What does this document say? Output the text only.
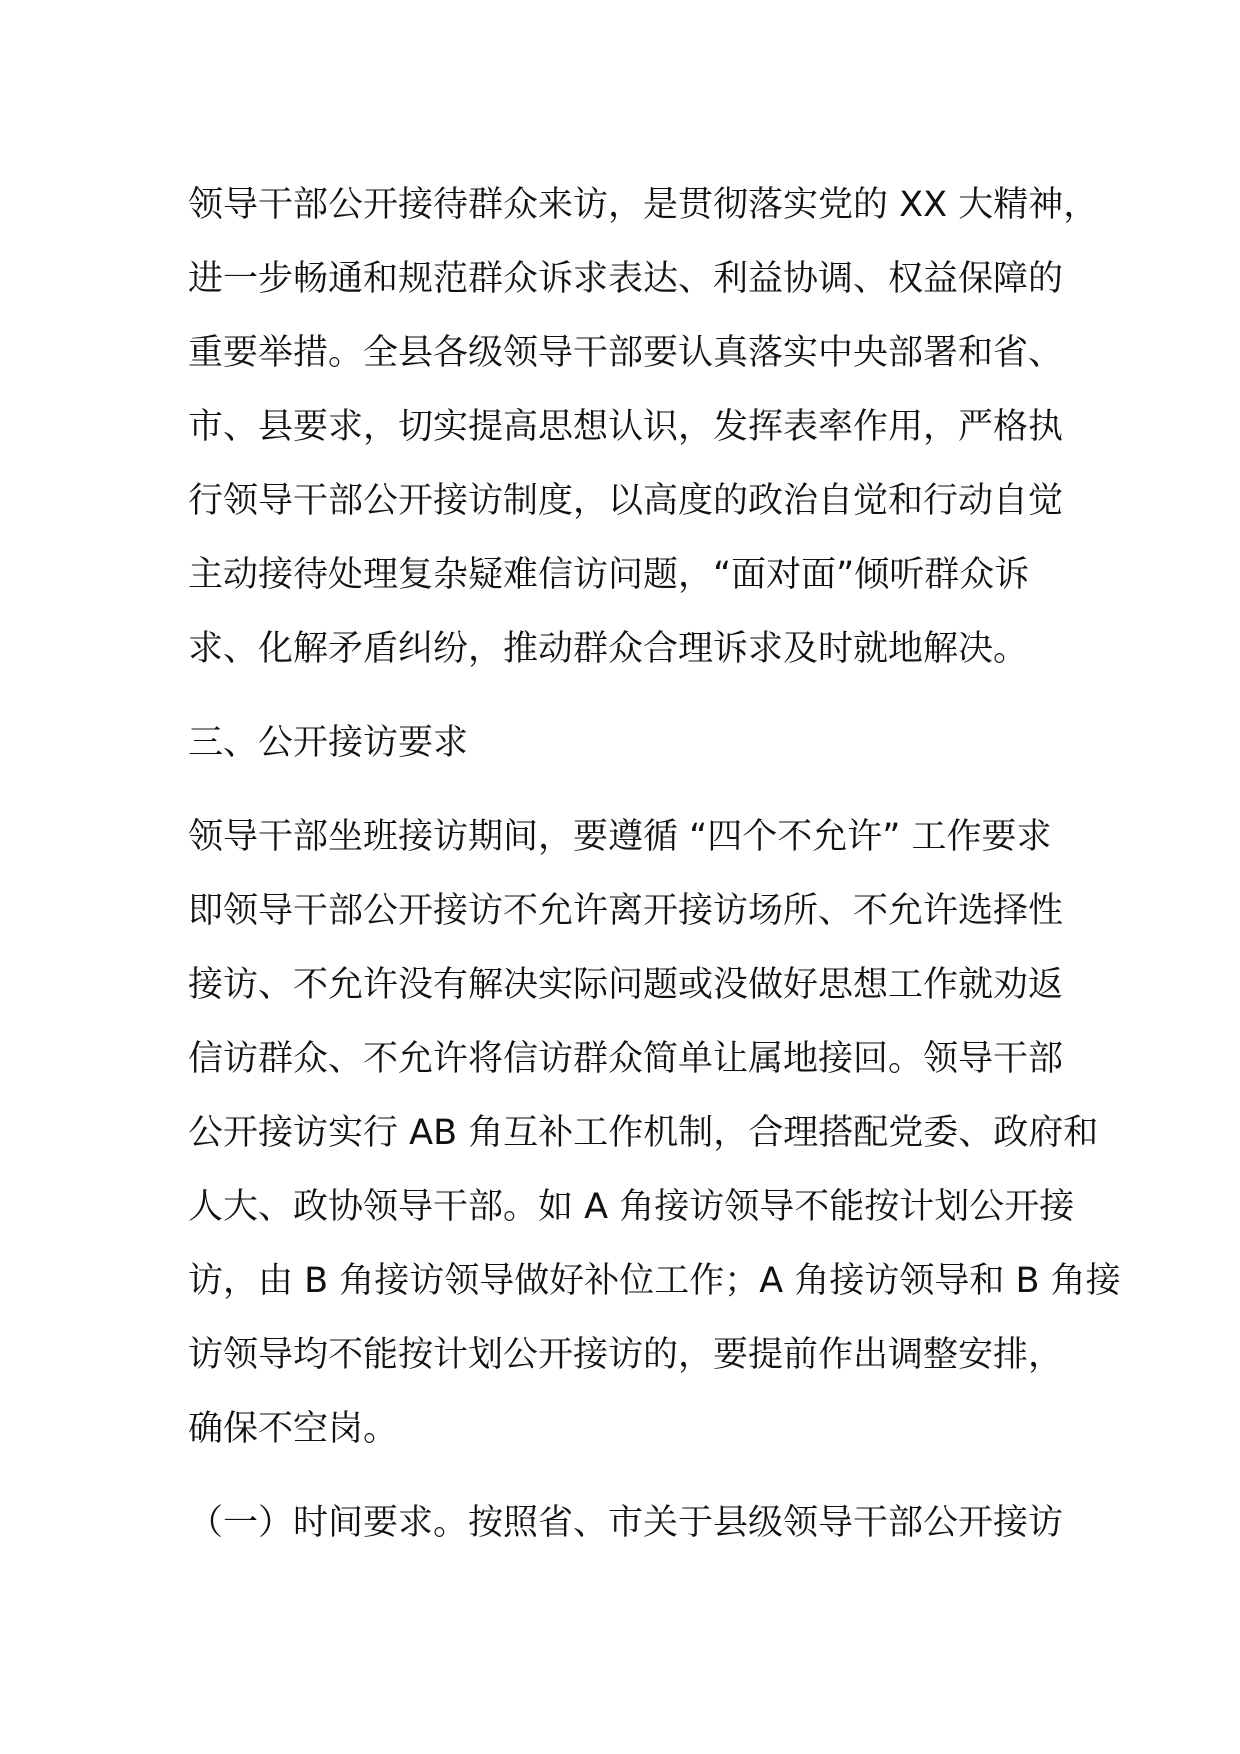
领导干部公开接待群众来访，是贯彻落实党的 XX 大精神，
进一步畅通和规范群众诉求表达、利益协调、权益保障的
重要举措。全县各级领导干部要认真落实中央部署和省、
市、县要求，切实提高思想认识，发挥表率作用，严格执
行领导干部公开接访制度，以高度的政治自觉和行动自觉
主动接待处理复杂疑难信访问题，“面对面”倾听群众诉
求、化解矛盾纠纷，推动群众合理诉求及时就地解决。
三、公开接访要求
领导干部坐班接访期间，要遵循 “四个不允许” 工作要求
即领导干部公开接访不允许离开接访场所、不允许选择性
接访、不允许没有解决实际问题或没做好思想工作就劝返
信访群众、不允许将信访群众简单让属地接回。领导干部
公开接访实行 AB 角互补工作机制，合理搭配党委、政府和
人大、政协领导干部。如 A 角接访领导不能按计划公开接
访，由 B 角接访领导做好补位工作；A 角接访领导和 B 角接
访领导均不能按计划公开接访的，要提前作出调整安排，
确保不空岗。
（一）时间要求。按照省、市关于县级领导干部公开接访
